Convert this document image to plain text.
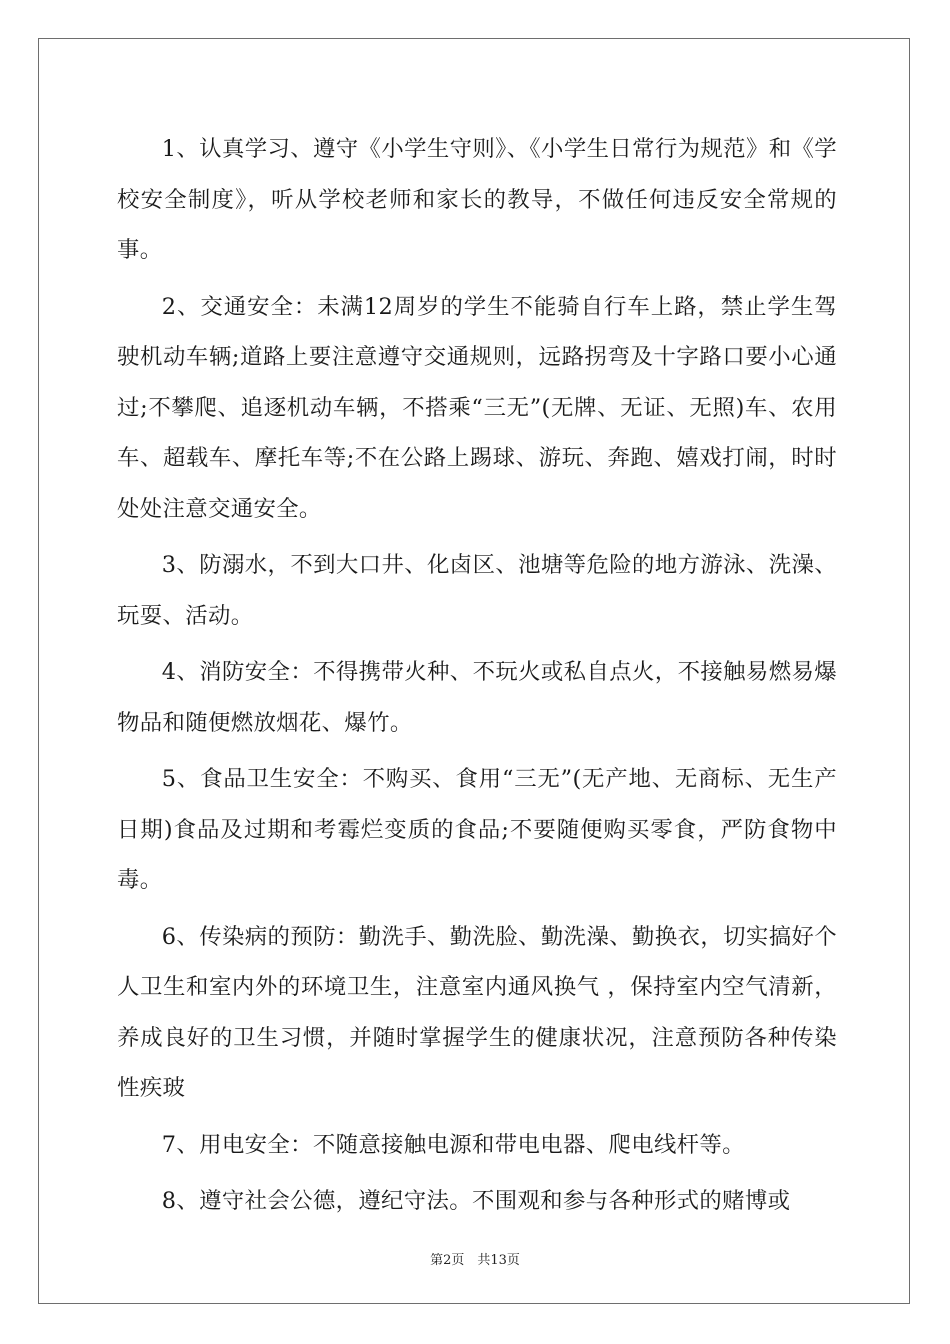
1、认真学习、遵守《小学生守则》、《小学生日常行为规范》和《学校安全制度》，听从学校老师和家长的教导，不做任何违反安全常规的事。

2、交通安全：未满12周岁的学生不能骑自行车上路，禁止学生驾驶机动车辆;道路上要注意遵守交通规则，远路拐弯及十字路口要小心通过;不攀爬、追逐机动车辆，不搭乘“三无”(无牌、无证、无照)车、农用车、超载车、摩托车等;不在公路上踢球、游玩、奔跑、嬉戏打闹，时时处处注意交通安全。

3、防溺水，不到大口井、化卤区、池塘等危险的地方游泳、洗澡、玩耍、活动。

4、消防安全：不得携带火种、不玩火或私自点火，不接触易燃易爆物品和随便燃放烟花、爆竹。

5、食品卫生安全：不购买、食用“三无”(无产地、无商标、无生产日期)食品及过期和考霉烂变质的食品;不要随便购买零食，严防食物中毒。

6、传染病的预防：勤洗手、勤洗脸、勤洗澡、勤换衣，切实搞好个人卫生和室内外的环境卫生，注意室内通风换气 ，保持室内空气清新，养成良好的卫生习惯，并随时掌握学生的健康状况，注意预防各种传染性疾玻

7、用电安全：不随意接触电源和带电电器、爬电线杆等。

8、遵守社会公德，遵纪守法。不围观和参与各种形式的赌博或

第2页　共13页
